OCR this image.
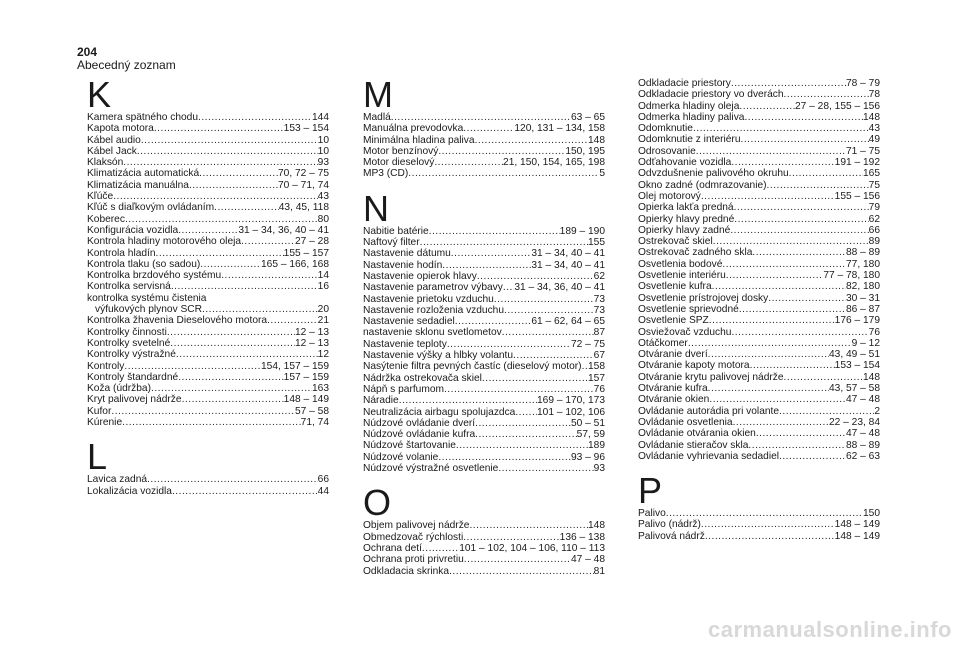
204
Abecedný zoznam
K
Kamera spätného chodu .....	144
Kapota motora .....	153 – 154
Kábel audio .....	10
Kábel Jack .....	10
Klaksón .....	93
Klimatizácia automatická .....	70, 72 – 75
Klimatizácia manuálna .....	70 – 71, 74
Kľúče .....	43
Kľúč s diaľkovým ovládaním .....	43, 45, 118
Koberec .....	80
Konfigurácia vozidla .....	31 – 34, 36, 40 – 41
Kontrola hladiny motorového oleja .....	27 – 28
Kontrola hladín .....	155 – 157
Kontrola tlaku (so sadou) .....	165 – 166, 168
Kontrolka brzdového systému .....	14
Kontrolka servisná .....	16
kontrolka systému čistenia
výfukových plynov SCR .....	20
Kontrolka žhavenia Dieselového motora .....	21
Kontrolky činnosti .....	12 – 13
Kontrolky svetelné .....	12 – 13
Kontrolky výstražné .....	12
Kontroly .....	154, 157 – 159
Kontroly štandardné .....	157 – 159
Koža (údržba) .....	163
Kryt palivovej nádrže .....	148 – 149
Kufor .....	57 – 58
Kúrenie .....	71, 74
L
Lavica zadná .....	66
Lokalizácia vozidla .....	44
M
Madlá .....	63 – 65
Manuálna prevodovka .....	120, 131 – 134, 158
Minimálna hladina paliva .....	148
Motor benzínový .....	150, 195
Motor dieselový .....	21, 150, 154, 165, 198
MP3 (CD) .....	5
N
Nabitie batérie .....	189 – 190
Naftový filter .....	155
Nastavenie dátumu .....	31 – 34, 40 – 41
Nastavenie hodín .....	31 – 34, 40 – 41
Nastavenie opierok hlavy .....	62
Nastavenie parametrov výbavy ..... 31 – 34, 36, 40 – 41
Nastavenie prietoku vzduchu .....	73
Nastavenie rozloženia vzduchu .....	73
Nastavenie sedadiel .....	61 – 62, 64 – 65
nastavenie sklonu svetlometov .....	87
Nastavenie teploty .....	72 – 75
Nastavenie výšky a hĺbky volantu .....	67
Nasýtenie filtra pevných častíc (dieselový motor) ..... 158
Nádržka ostrekovača skiel .....	157
Nápň s parfumom .....	76
Náradie .....	169 – 170, 173
Neutralizácia airbagu spolujazdca ..... 101 – 102, 106
Núdzové ovládanie dverí .....	50 – 51
Núdzové ovládanie kufra .....	57, 59
Núdzové štartovanie .....	189
Núdzové volanie .....	93 – 96
Núdzové výstražné osvetlenie .....	93
O
Objem palivovej nádrže .....	148
Obmedzovač rýchlosti .....	136 – 138
Ochrana detí .....	101 – 102, 104 – 106, 110 – 113
Ochrana proti privretiu .....	47 – 48
Odkladacia skrinka .....	81
Odkladacie priestory .....	78 – 79
Odkladacie priestory vo dverách .....	78
Odmerka hladiny oleja .....	27 – 28, 155 – 156
Odmerka hladiny paliva .....	148
Odomknutie .....	43
Odomknutie z interiéru .....	49
Odrosovanie .....	71 – 75
Odťahovanie vozidla .....	191 – 192
Odvzdušnenie palivového okruhu .....	165
Okno zadné (odmrazovanie) .....	75
Olej motorový .....	155 – 156
Opierka lakťa predná .....	79
Opierky hlavy predné .....	62
Opierky hlavy zadné .....	66
Ostrekovač skiel .....	89
Ostrekovač zadného skla .....	88 – 89
Osvetlenia bodové .....	77, 180
Osvetlenie interiéru .....	77 – 78, 180
Osvetlenie kufra .....	82, 180
Osvetlenie prístrojovej dosky .....	30 – 31
Osvetlenie sprievodné .....	86 – 87
Osvetlenie ŠPZ .....	176 – 179
Osviežovač vzduchu .....	76
Otáčkomer .....	9 – 12
Otváranie dverí .....	43, 49 – 51
Otváranie kapoty motora .....	153 – 154
Otváranie krytu palivovej nádrže .....	148
Otváranie kufra .....	43, 57 – 58
Otváranie okien .....	47 – 48
Ovládanie autorádia pri volante .....	2
Ovládanie osvetlenia .....	22 – 23, 84
Ovládanie otvárania okien .....	47 – 48
Ovládanie stieračov skla .....	88 – 89
Ovládanie vyhrievania sedadiel .....	62 – 63
P
Palivo .....	150
Palivo (nádrž) .....	148 – 149
Palivová nádrž .....	148 – 149
carmanualsonline.info
